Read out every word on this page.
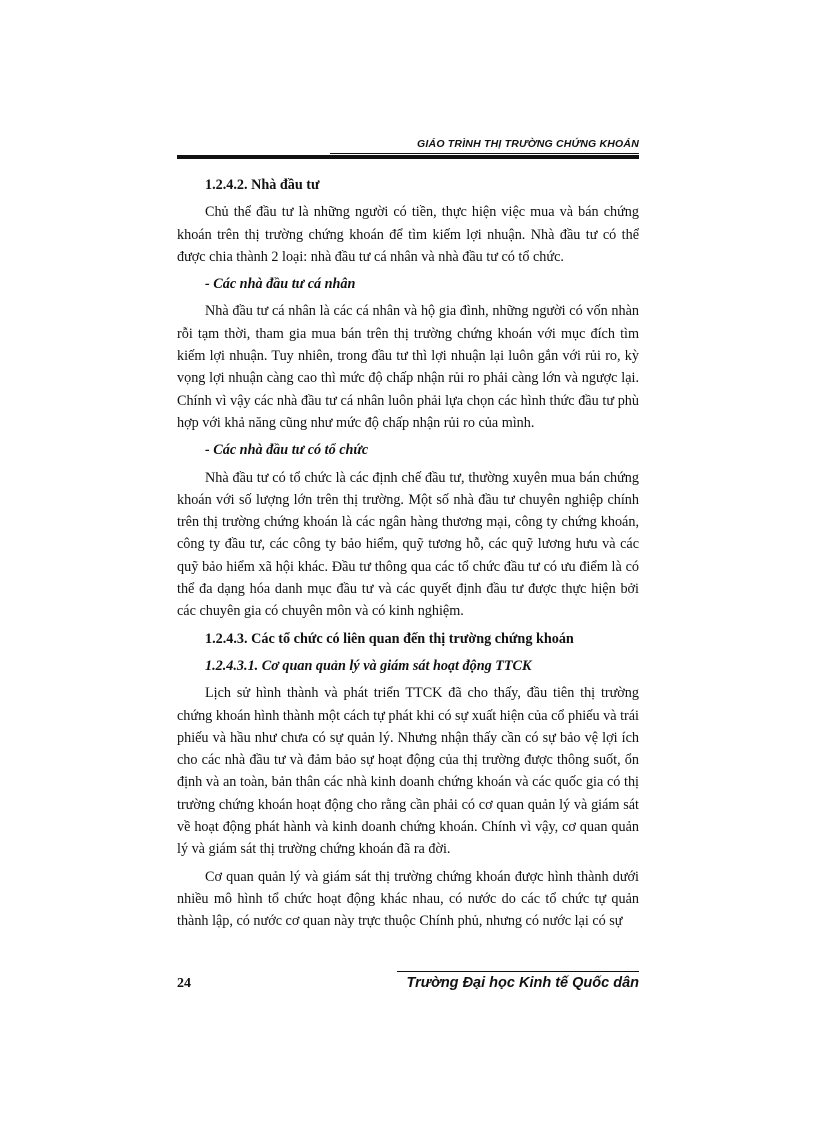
GIÁO TRÌNH THỊ TRƯỜNG CHỨNG KHOÁN
1.2.4.2. Nhà đầu tư

Chủ thể đầu tư là những người có tiền, thực hiện việc mua và bán chứng khoán trên thị trường chứng khoán để tìm kiếm lợi nhuận. Nhà đầu tư có thể được chia thành 2 loại: nhà đầu tư cá nhân và nhà đầu tư có tổ chức.

- Các nhà đầu tư cá nhân

Nhà đầu tư cá nhân là các cá nhân và hộ gia đình, những người có vốn nhàn rỗi tạm thời, tham gia mua bán trên thị trường chứng khoán với mục đích tìm kiếm lợi nhuận. Tuy nhiên, trong đầu tư thì lợi nhuận lại luôn gắn với rủi ro, kỳ vọng lợi nhuận càng cao thì mức độ chấp nhận rủi ro phải càng lớn và ngược lại. Chính vì vậy các nhà đầu tư cá nhân luôn phải lựa chọn các hình thức đầu tư phù hợp với khả năng cũng như mức độ chấp nhận rủi ro của mình.

- Các nhà đầu tư có tổ chức

Nhà đầu tư có tổ chức là các định chế đầu tư, thường xuyên mua bán chứng khoán với số lượng lớn trên thị trường. Một số nhà đầu tư chuyên nghiệp chính trên thị trường chứng khoán là các ngân hàng thương mại, công ty chứng khoán, công ty đầu tư, các công ty bảo hiểm, quỹ tương hỗ, các quỹ lương hưu và các quỹ bảo hiểm xã hội khác. Đầu tư thông qua các tổ chức đầu tư có ưu điểm là có thể đa dạng hóa danh mục đầu tư và các quyết định đầu tư được thực hiện bởi các chuyên gia có chuyên môn và có kinh nghiệm.

1.2.4.3. Các tổ chức có liên quan đến thị trường chứng khoán
1.2.4.3.1. Cơ quan quản lý và giám sát hoạt động TTCK

Lịch sử hình thành và phát triển TTCK đã cho thấy, đầu tiên thị trường chứng khoán hình thành một cách tự phát khi có sự xuất hiện của cổ phiếu và trái phiếu và hầu như chưa có sự quản lý. Nhưng nhận thấy cần có sự bảo vệ lợi ích cho các nhà đầu tư và đảm bảo sự hoạt động của thị trường được thông suốt, ổn định và an toàn, bản thân các nhà kinh doanh chứng khoán và các quốc gia có thị trường chứng khoán hoạt động cho rằng cần phải có cơ quan quản lý và giám sát về hoạt động phát hành và kinh doanh chứng khoán. Chính vì vậy, cơ quan quản lý và giám sát thị trường chứng khoán đã ra đời.

Cơ quan quản lý và giám sát thị trường chứng khoán được hình thành dưới nhiều mô hình tổ chức hoạt động khác nhau, có nước do các tổ chức tự quản thành lập, có nước cơ quan này trực thuộc Chính phủ, nhưng có nước lại có sự

24	Trường Đại học Kinh tế Quốc dân
